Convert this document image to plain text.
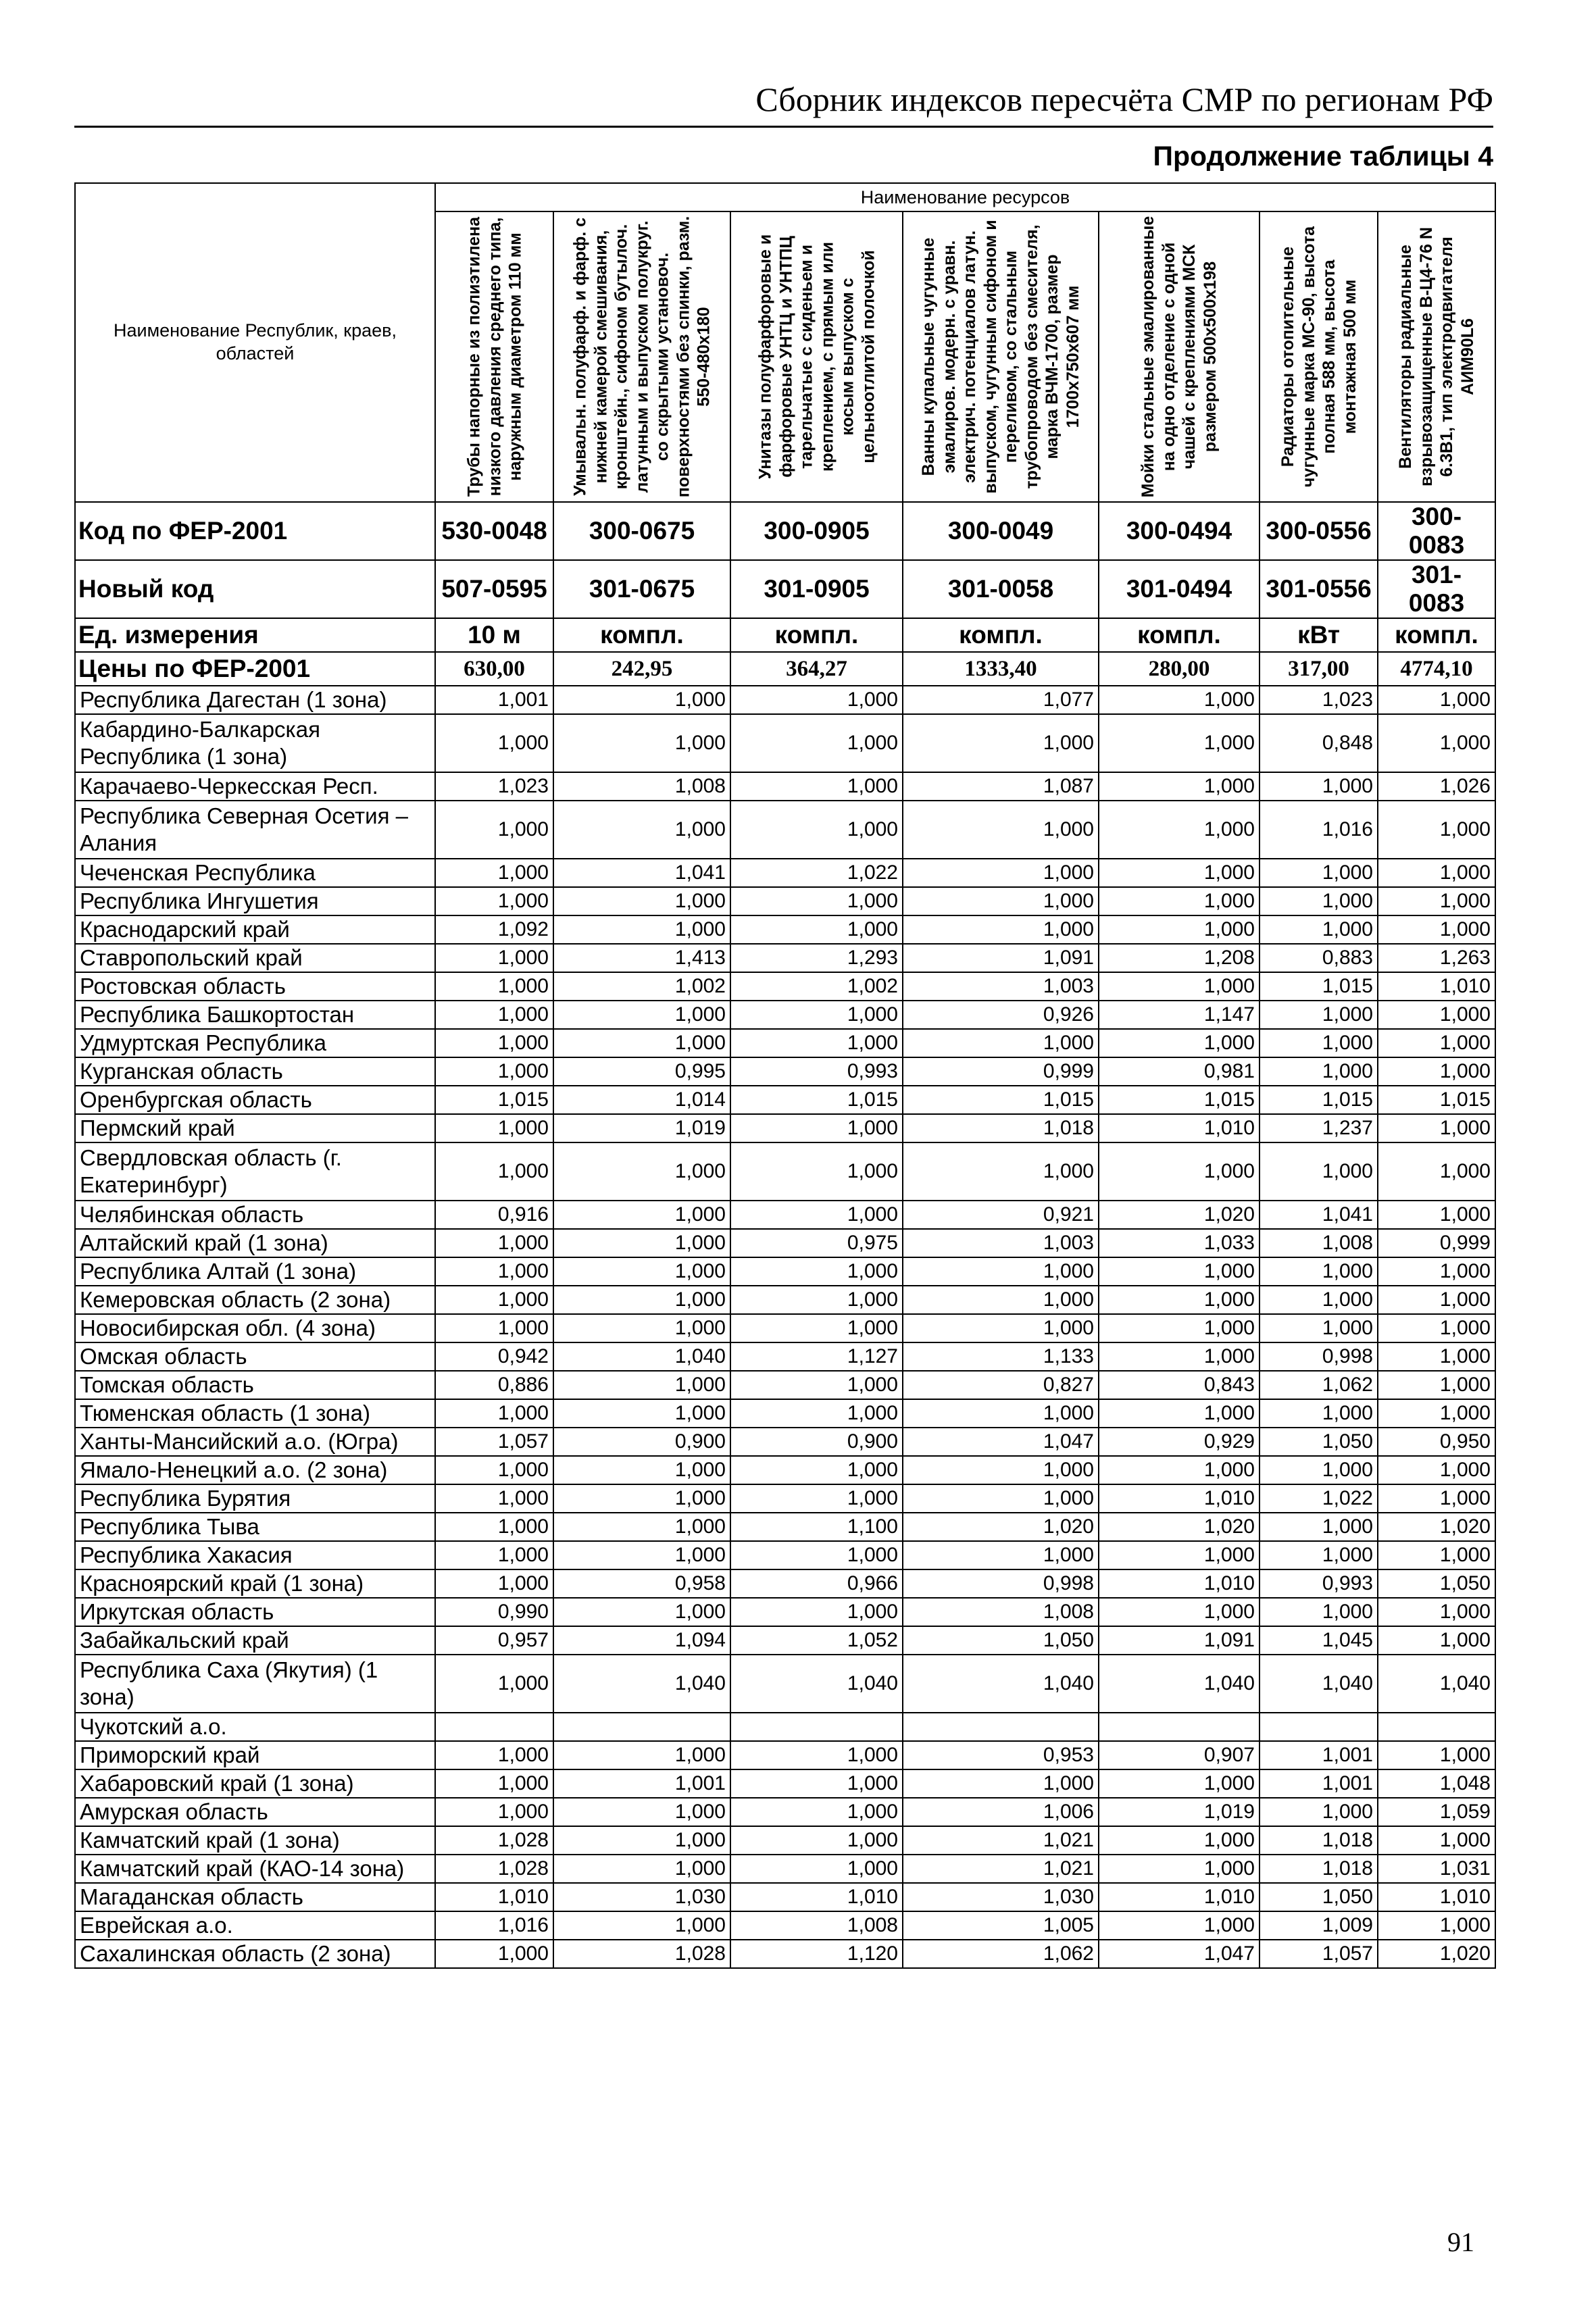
Сборник индексов пересчёта СМР по регионам РФ
Продолжение таблицы 4
Наименование Республик, краев, областей	Наименование ресурсов						

	Трубы напорные из полиэтилена низкого давления среднего типа, наружным диаметром 110 мм	Умывальн. полуфарф. и фарф. с нижней камерой смешивания, кронштейн., сифоном бутылоч. латунным и выпуском полукруг. со скрытыми установоч. поверхностями без спинки, разм. 550-480х180	Унитазы полуфарфоровые и фарфоровые УНТЦ и УНТПЦ тарельчатые с сиденьем и креплением, с прямым или косым выпуском с цельноотлитой полочкой	Ванны купальные чугунные эмалиров. модерн. с уравн. электрич. потенциалов латун. выпуском, чугунным сифоном и переливом, со стальным трубопроводом без смесителя, марка ВЧМ-1700, размер 1700х750х607 мм	Мойки стальные эмалированные на одно отделение с одной чашей с креплениями МСК размером 500х500х198	Радиаторы отопительные чугунные марка МС-90, высота полная 588 мм, высота монтажная 500 мм	Вентиляторы радиальные взрывозащищенные В-Ц4-76 N 6.3В1, тип электродвигателя АИМ90L6

Код по ФЕР-2001	530-0048	300-0675	300-0905	300-0049	300-0494	300-0556	300-0083
Новый код	507-0595	301-0675	301-0905	301-0058	301-0494	301-0556	301-0083
Ед. измерения	10 м	компл.	компл.	компл.	компл.	кВт	компл.
Цены по ФЕР-2001	630,00	242,95	364,27	1333,40	280,00	317,00	4774,10
Республика Дагестан (1 зона)	1,001	1,000	1,000	1,077	1,000	1,023	1,000
Кабардино-Балкарская Республика (1 зона)	1,000	1,000	1,000	1,000	1,000	0,848	1,000
Карачаево-Черкесская Респ.	1,023	1,008	1,000	1,087	1,000	1,000	1,026
Республика Северная Осетия – Алания	1,000	1,000	1,000	1,000	1,000	1,016	1,000
Чеченская Республика	1,000	1,041	1,022	1,000	1,000	1,000	1,000
Республика Ингушетия	1,000	1,000	1,000	1,000	1,000	1,000	1,000
Краснодарский край	1,092	1,000	1,000	1,000	1,000	1,000	1,000
Ставропольский край	1,000	1,413	1,293	1,091	1,208	0,883	1,263
Ростовская область	1,000	1,002	1,002	1,003	1,000	1,015	1,010
Республика Башкортостан	1,000	1,000	1,000	0,926	1,147	1,000	1,000
Удмуртская Республика	1,000	1,000	1,000	1,000	1,000	1,000	1,000
Курганская область	1,000	0,995	0,993	0,999	0,981	1,000	1,000
Оренбургская область	1,015	1,014	1,015	1,015	1,015	1,015	1,015
Пермский край	1,000	1,019	1,000	1,018	1,010	1,237	1,000
Свердловская область (г. Екатеринбург)	1,000	1,000	1,000	1,000	1,000	1,000	1,000
Челябинская область	0,916	1,000	1,000	0,921	1,020	1,041	1,000
Алтайский край (1 зона)	1,000	1,000	0,975	1,003	1,033	1,008	0,999
Республика Алтай (1 зона)	1,000	1,000	1,000	1,000	1,000	1,000	1,000
Кемеровская область (2 зона)	1,000	1,000	1,000	1,000	1,000	1,000	1,000
Новосибирская обл. (4 зона)	1,000	1,000	1,000	1,000	1,000	1,000	1,000
Омская область	0,942	1,040	1,127	1,133	1,000	0,998	1,000
Томская область	0,886	1,000	1,000	0,827	0,843	1,062	1,000
Тюменская область (1 зона)	1,000	1,000	1,000	1,000	1,000	1,000	1,000
Ханты-Мансийский а.о. (Югра)	1,057	0,900	0,900	1,047	0,929	1,050	0,950
Ямало-Ненецкий а.о. (2 зона)	1,000	1,000	1,000	1,000	1,000	1,000	1,000
Республика Бурятия	1,000	1,000	1,000	1,000	1,010	1,022	1,000
Республика Тыва	1,000	1,000	1,100	1,020	1,020	1,000	1,020
Республика Хакасия	1,000	1,000	1,000	1,000	1,000	1,000	1,000
Красноярский край (1 зона)	1,000	0,958	0,966	0,998	1,010	0,993	1,050
Иркутская область	0,990	1,000	1,000	1,008	1,000	1,000	1,000
Забайкальский край	0,957	1,094	1,052	1,050	1,091	1,045	1,000
Республика Саха (Якутия) (1 зона)	1,000	1,040	1,040	1,040	1,040	1,040	1,040
Чукотский а.о.							
Приморский край	1,000	1,000	1,000	0,953	0,907	1,001	1,000
Хабаровский край (1 зона)	1,000	1,001	1,000	1,000	1,000	1,001	1,048
Амурская область	1,000	1,000	1,000	1,006	1,019	1,000	1,059
Камчатский край (1 зона)	1,028	1,000	1,000	1,021	1,000	1,018	1,000
Камчатский край (КАО-14 зона)	1,028	1,000	1,000	1,021	1,000	1,018	1,031
Магаданская область	1,010	1,030	1,010	1,030	1,010	1,050	1,010
Еврейская а.о.	1,016	1,000	1,008	1,005	1,000	1,009	1,000
Сахалинская область (2 зона)	1,000	1,028	1,120	1,062	1,047	1,057	1,020
91
